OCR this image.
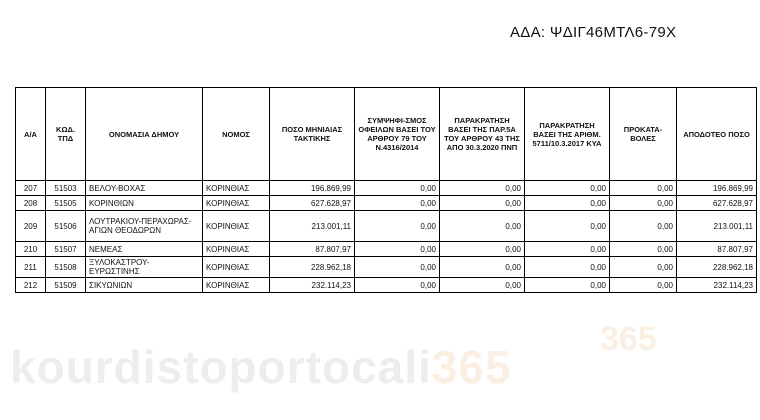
ΑΔΑ: ΨΔΙΓ46ΜΤΛ6-79Χ
Α/Α	ΚΩΔ. ΤΠΔ	ΟΝΟΜΑΣΙΑ ΔΗΜΟΥ	ΝΟΜΟΣ	ΠΟΣΟ ΜΗΝΙΑΙΑΣ ΤΑΚΤΙΚΗΣ	ΣΥΜΨΗΦΙ-ΣΜΟΣ ΟΦΕΙΛΩΝ ΒΑΣΕΙ ΤΟΥ ΑΡΘΡΟΥ 79 ΤΟΥ Ν.4316/2014	ΠΑΡΑΚΡΑΤΗΣΗ ΒΑΣΕΙ ΤΗΣ ΠΑΡ.5Α ΤΟΥ ΑΡΘΡΟΥ 43 ΤΗΣ ΑΠΟ 30.3.2020 ΠΝΠ	ΠΑΡΑΚΡΑΤΗΣΗ ΒΑΣΕΙ ΤΗΣ ΑΡΙΘΜ. 5711/10.3.2017 ΚΥΑ	ΠΡΟΚΑΤΑ-ΒΟΛΕΣ	ΑΠΟΔΟΤΕΟ ΠΟΣΟ
207	51503	ΒΕΛΟΥ-ΒΟΧΑΣ	ΚΟΡΙΝΘΙΑΣ	196.869,99	0,00	0,00	0,00	0,00	196.869,99
208	51505	ΚΟΡΙΝΘΙΩΝ	ΚΟΡΙΝΘΙΑΣ	627.628,97	0,00	0,00	0,00	0,00	627.628,97
209	51506	ΛΟΥΤΡΑΚΙΟΥ-ΠΕΡΑΧΩΡΑΣ-ΑΓΙΩΝ ΘΕΟΔΩΡΩΝ	ΚΟΡΙΝΘΙΑΣ	213.001,11	0,00	0,00	0,00	0,00	213.001,11
210	51507	ΝΕΜΕΑΣ	ΚΟΡΙΝΘΙΑΣ	87.807,97	0,00	0,00	0,00	0,00	87.807,97
211	51508	ΞΥΛΟΚΑΣΤΡΟΥ-ΕΥΡΩΣΤΙΝΗΣ	ΚΟΡΙΝΘΙΑΣ	228.962,18	0,00	0,00	0,00	0,00	228.962,18
212	51509	ΣΙΚΥΩΝΙΩΝ	ΚΟΡΙΝΘΙΑΣ	232.114,23	0,00	0,00	0,00	0,00	232.114,23
kourdistoportocali365
365
